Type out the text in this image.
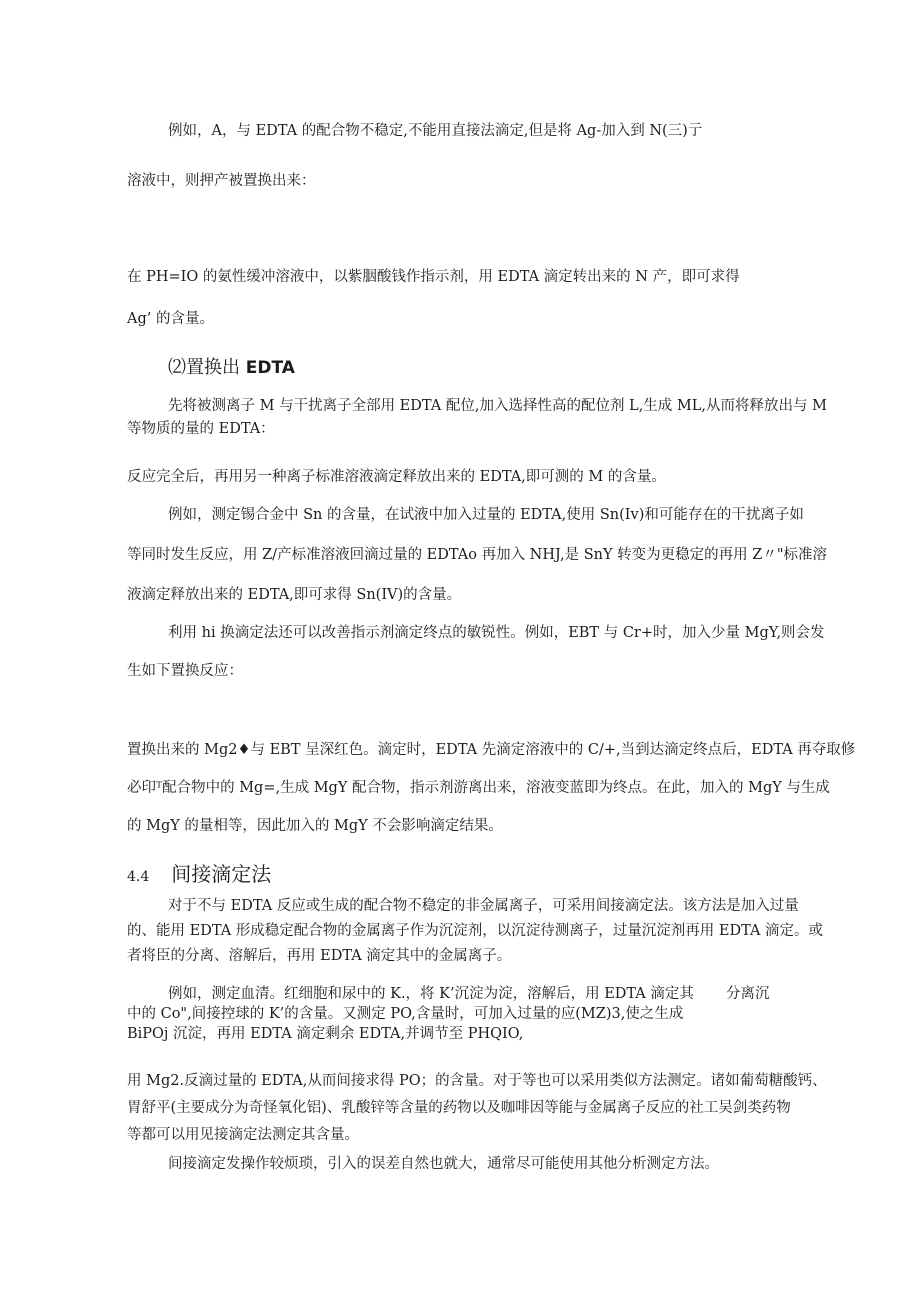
例如，A，与 EDTA 的配合物不稳定,不能用直接法滴定,但是将 Ag-加入到 N(三)亍
溶液中，则押产被置换出来：
在 PH=IO 的氨性缓冲溶液中，以紫胭酸钱作指示剂，用 EDTA 滴定转出来的 N 产，即可求得
Ag’ 的含量。
⑵置换出 EDTA
先将被测离子 M 与干扰离子全部用 EDTA 配位,加入选择性高的配位剂 L,生成 ML,从而将释放出与 M
等物质的量的 EDTA：
反应完全后，再用另一种离子标准溶液滴定释放出来的 EDTA,即可测的 M 的含量。
例如，测定锡合金中 Sn 的含量，在试液中加入过量的 EDTA,使用 Sn(Iv)和可能存在的干扰离子如
等同时发生反应，用 Z/产标准溶液回滴过量的 EDTAo 再加入 NHJ,是 SnY 转变为更稳定的再用 Z〃"标准溶
液滴定释放出来的 EDTA,即可求得 Sn(IV)的含量。
利用 hi 换滴定法还可以改善指示剂滴定终点的敏锐性。例如，EBT 与 Cr+时，加入少量 MgY,则会发
生如下置换反应：
置换出来的 Mg2♦与 EBT 呈深红色。滴定时，EDTA 先滴定溶液中的 C/+,当到达滴定终点后，EDTA 再夺取修
必印ᵀ配合物中的 Mg=,生成 MgY 配合物，指示剂游离出来，溶液变蓝即为终点。在此，加入的 MgY 与生成
的 MgY 的量相等，因此加入的 MgY 不会影响滴定结果。
4.4 间接滴定法
对于不与 EDTA 反应或生成的配合物不稳定的非金属离子，可采用间接滴定法。该方法是加入过量
的、能用 EDTA 形成稳定配合物的金属离子作为沉淀剂，以沉淀待测离子，过量沉淀剂再用 EDTA 滴定。或
者将臣的分离、溶解后，再用 EDTA 滴定其中的金属离子。
例如，测定血清。红细胞和尿中的 K.，将 K’沉淀为淀，溶解后，用 EDTA 滴定其 分离沉
中的 Co",间接控球的 K’的含量。又测定 PO,含量时，可加入过量的应(MZ)3,使之生成
BiPOj 沉淀，再用 EDTA 滴定剩余 EDTA,并调节至 PHQIO,
用 Mg2.反滴过量的 EDTA,从而间接求得 PO；的含量。对于等也可以采用类似方法测定。诸如葡萄糖酸钙、
胃舒平(主要成分为奇怪氧化铝)、乳酸锌等含量的药物以及咖啡因等能与金属离子反应的社工吴剑类药物
等都可以用见接滴定法测定其含量。
间接滴定发操作较烦琐，引入的误差自然也就大，通常尽可能使用其他分析测定方法。
